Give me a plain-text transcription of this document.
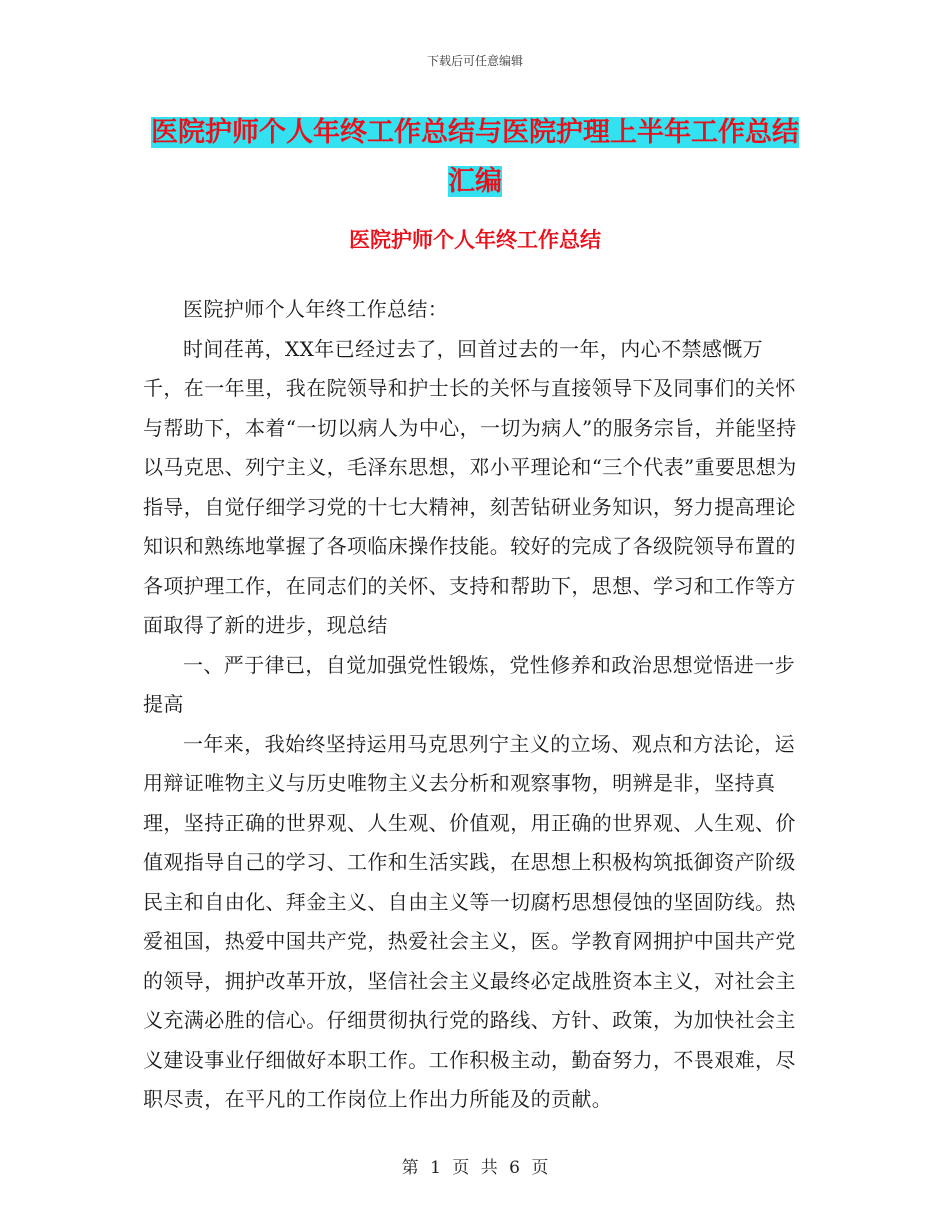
下载后可任意编辑
医院护师个人年终工作总结与医院护理上半年工作总结汇编
医院护师个人年终工作总结

医院护师个人年终工作总结：

时间荏苒，XX年已经过去了，回首过去的一年，内心不禁感慨万千，在一年里，我在院领导和护士长的关怀与直接领导下及同事们的关怀与帮助下，本着“一切以病人为中心，一切为病人”的服务宗旨，并能坚持以马克思、列宁主义，毛泽东思想，邓小平理论和“三个代表”重要思想为指导，自觉仔细学习党的十七大精神，刻苦钻研业务知识，努力提高理论知识和熟练地掌握了各项临床操作技能。较好的完成了各级院领导布置的各项护理工作，在同志们的关怀、支持和帮助下，思想、学习和工作等方面取得了新的进步，现总结

一、严于律已，自觉加强党性锻炼，党性修养和政治思想觉悟进一步提高

一年来，我始终坚持运用马克思列宁主义的立场、观点和方法论，运用辩证唯物主义与历史唯物主义去分析和观察事物，明辨是非，坚持真理，坚持正确的世界观、人生观、价值观，用正确的世界观、人生观、价值观指导自己的学习、工作和生活实践，在思想上积极构筑抵御资产阶级民主和自由化、拜金主义、自由主义等一切腐朽思想侵蚀的坚固防线。热爱祖国，热爱中国共产党，热爱社会主义，医。学教育网拥护中国共产党的领导，拥护改革开放，坚信社会主义最终必定战胜资本主义，对社会主义充满必胜的信心。仔细贯彻执行党的路线、方针、政策，为加快社会主义建设事业仔细做好本职工作。工作积极主动，勤奋努力，不畏艰难，尽职尽责，在平凡的工作岗位上作出力所能及的贡献。

第 1 页 共 6 页
